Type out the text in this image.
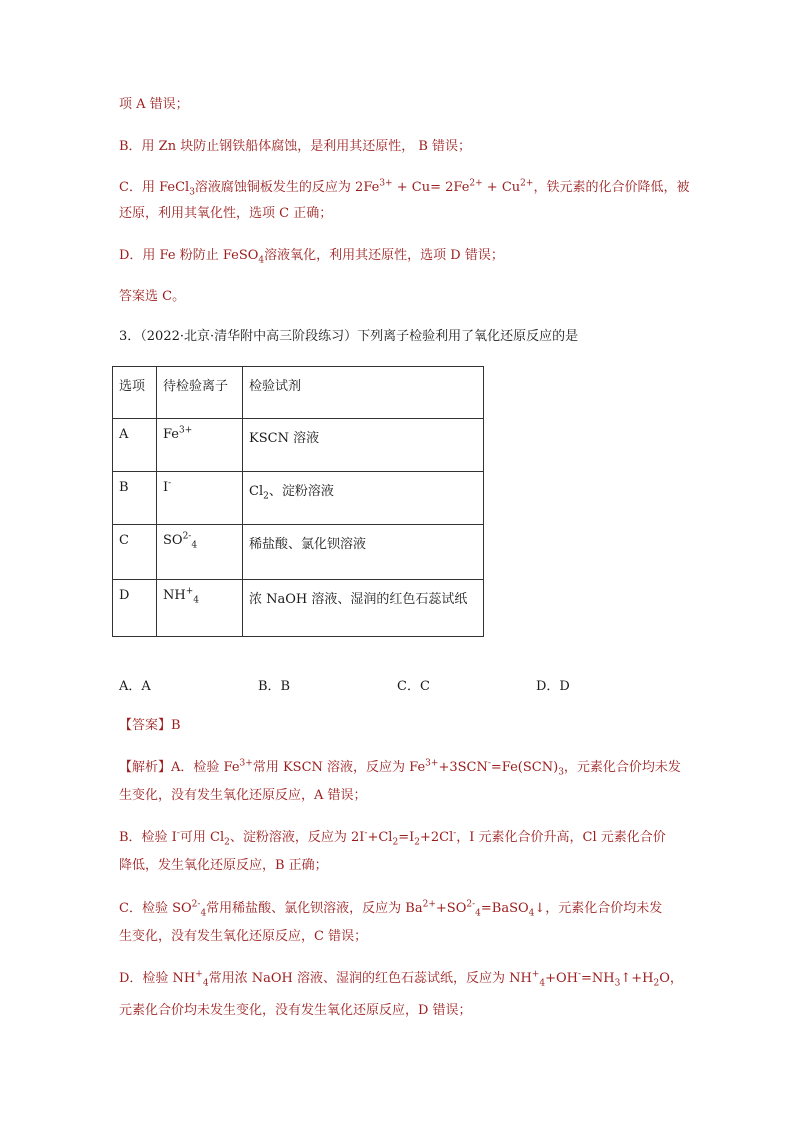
项 A 错误；
B．用 Zn 块防止钢铁船体腐蚀，是利用其还原性， B 错误；
C．用 FeCl$_3$溶液腐蚀铜板发生的反应为 $2Fe^{3+} + Cu= 2Fe^{2+} + Cu^{2+}$，铁元素的化合价降低，被
还原，利用其氧化性，选项 C 正确；
D．用 Fe 粉防止 FeSO$_4$溶液氧化，利用其还原性，选项 D 错误；
答案选 C。
3．（2022·北京·清华附中高三阶段练习）下列离子检验利用了氧化还原反应的是
选项	待检验离子	检验试剂
A	$Fe^{3+}$	KSCN 溶液
B	I-	$Cl_2$、淀粉溶液
C	$SO^{2-}_4$	稀盐酸、氯化钡溶液
D	$NH^+_4$	浓 NaOH 溶液、湿润的红色石蕊试纸
A．A	B．B	C．C	D．D
【答案】B
【解析】A．检验 $Fe^{3+}$常用 KSCN 溶液，反应为 $Fe^{3+}+3SCN^-=Fe(SCN)_3$，元素化合价均未发
生变化，没有发生氧化还原反应，A 错误；
B．检验 I-可用 $Cl_2$、淀粉溶液，反应为 $2I^-+Cl_2=I_2+2Cl^-$，I 元素化合价升高，Cl 元素化合价
降低，发生氧化还原反应，B 正确；
C．检验 $SO^{2-}_4$常用稀盐酸、氯化钡溶液，反应为 $Ba^{2+}+SO^{2-}_4=BaSO_4↓$，元素化合价均未发
生变化，没有发生氧化还原反应，C 错误；
D．检验 $NH^+_4$常用浓 NaOH 溶液、湿润的红色石蕊试纸，反应为 $NH^+_4+OH^-=NH_3↑+H_2O$，
元素化合价均未发生变化，没有发生氧化还原反应，D 错误；
